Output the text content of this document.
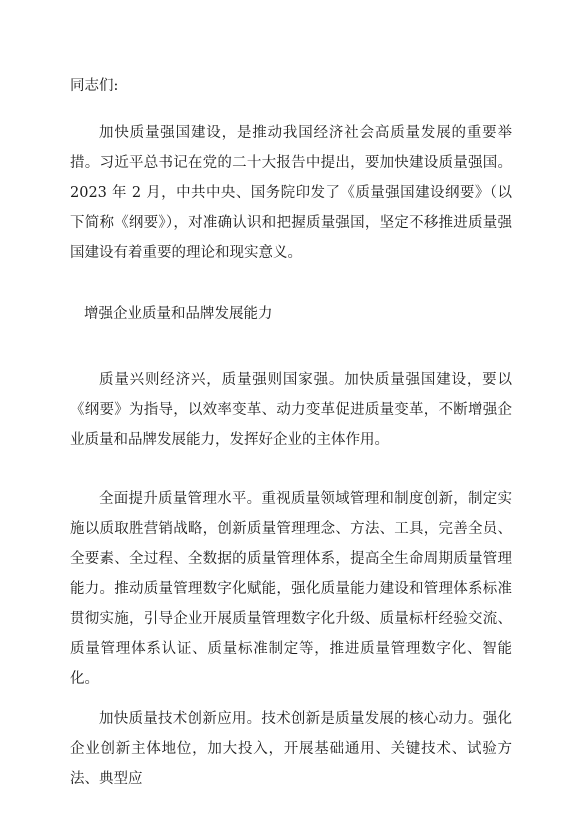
同志们:

加快质量强国建设，是推动我国经济社会高质量发展的重要举措。习近平总书记在党的二十大报告中提出，要加快建设质量强国。2023 年 2 月，中共中央、国务院印发了《质量强国建设纲要》（以下简称《纲要》），对准确认识和把握质量强国，坚定不移推进质量强国建设有着重要的理论和现实意义。

增强企业质量和品牌发展能力

质量兴则经济兴，质量强则国家强。加快质量强国建设，要以《纲要》为指导，以效率变革、动力变革促进质量变革，不断增强企业质量和品牌发展能力，发挥好企业的主体作用。

全面提升质量管理水平。重视质量领域管理和制度创新，制定实施以质取胜营销战略，创新质量管理理念、方法、工具，完善全员、全要素、全过程、全数据的质量管理体系，提高全生命周期质量管理能力。推动质量管理数字化赋能，强化质量能力建设和管理体系标准贯彻实施，引导企业开展质量管理数字化升级、质量标杆经验交流、质量管理体系认证、质量标准制定等，推进质量管理数字化、智能化。

加快质量技术创新应用。技术创新是质量发展的核心动力。强化企业创新主体地位，加大投入，开展基础通用、关键技术、试验方法、典型应
